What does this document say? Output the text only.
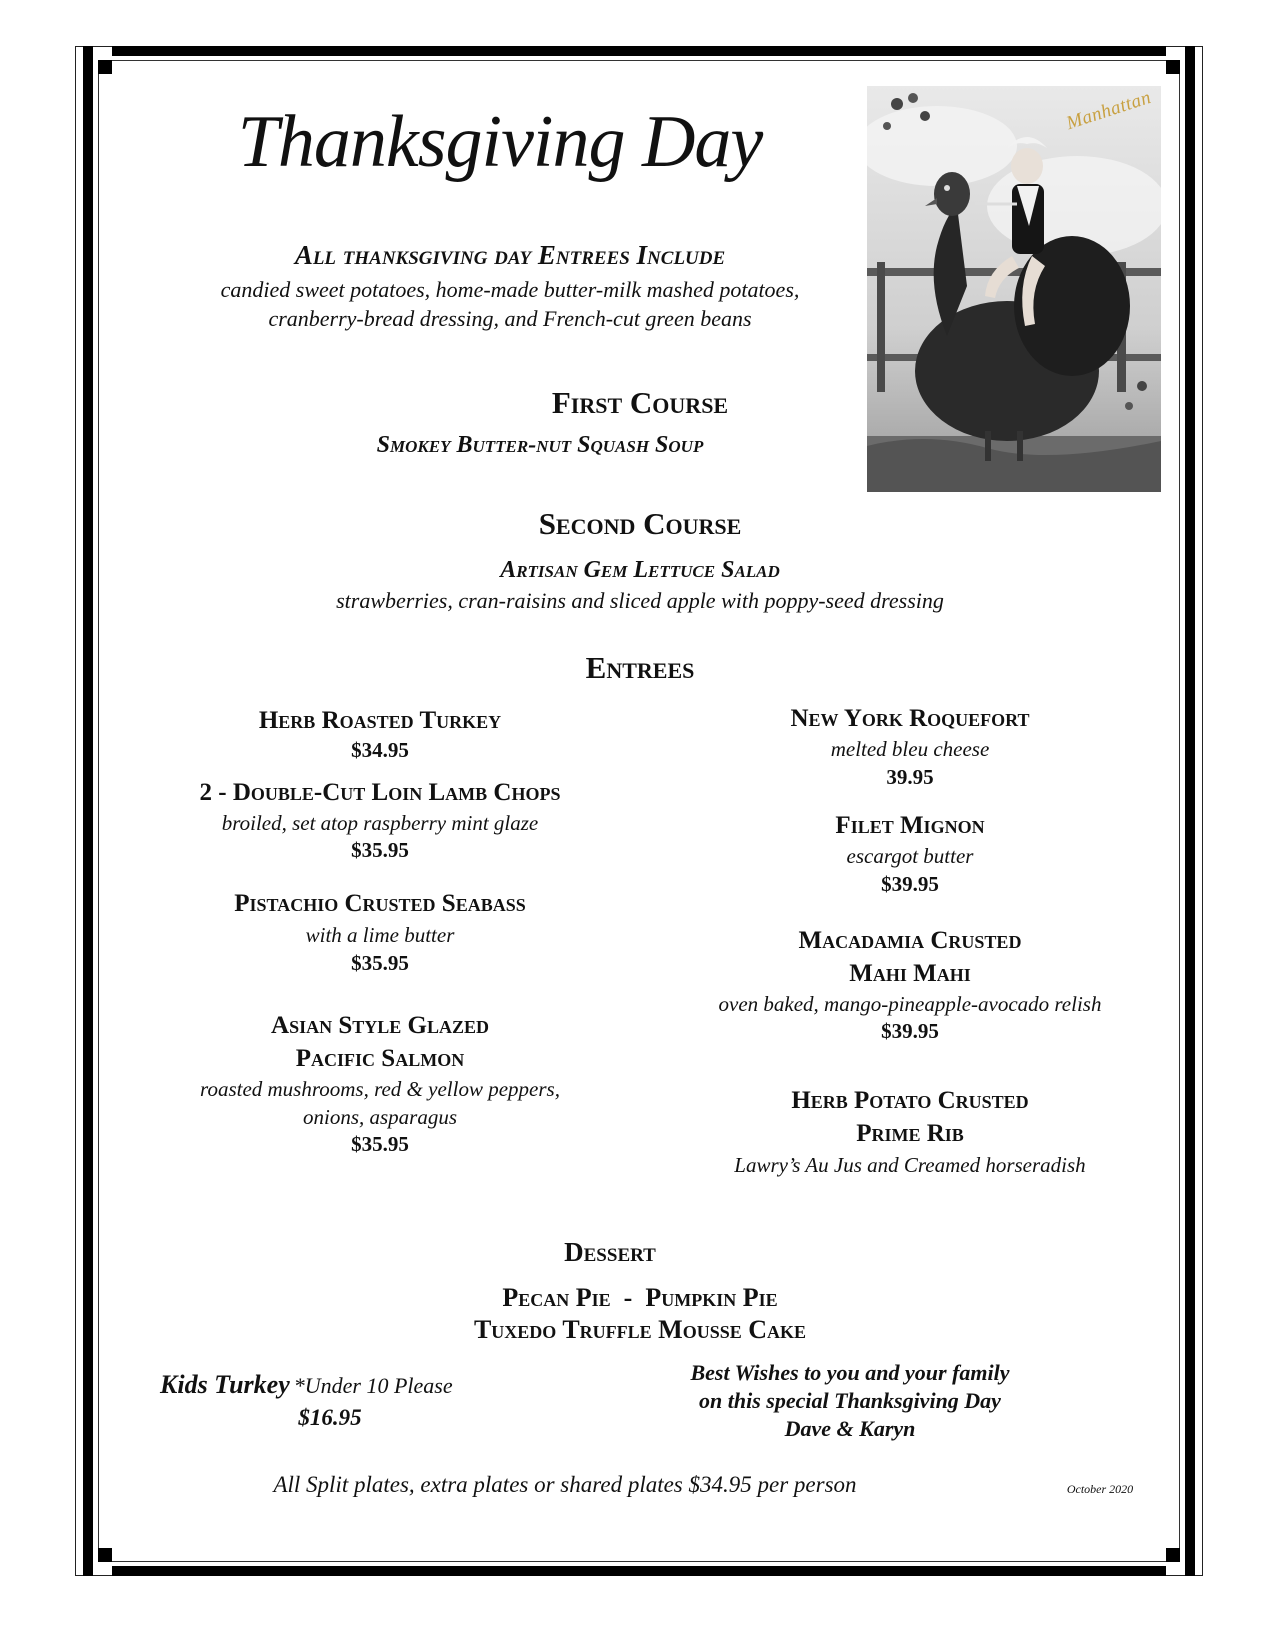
Thanksgiving Day	Manhattan
All thanksgiving day Entrees Include
candied sweet potatoes, home-made butter-milk mashed potatoes,
cranberry-bread dressing, and French-cut green beans
First Course
Smokey Butter-nut Squash Soup
Second Course
Artisan Gem Lettuce Salad
strawberries, cran-raisins and sliced apple with poppy-seed dressing
Entrees
Herb Roasted Turkey
$34.95
2 - Double-Cut Loin Lamb Chops
broiled, set atop raspberry mint glaze
$35.95
Pistachio Crusted Seabass
with a lime butter
$35.95
Asian Style Glazed
Pacific Salmon
roasted mushrooms, red & yellow peppers,
onions, asparagus
$35.95
New York Roquefort
melted bleu cheese
39.95
Filet Mignon
escargot butter
$39.95
Macadamia Crusted
Mahi Mahi
oven baked, mango-pineapple-avocado relish
$39.95
Herb Potato Crusted
Prime Rib
Lawry’s Au Jus and Creamed horseradish
Dessert
Pecan Pie  -  Pumpkin Pie
Tuxedo Truffle Mousse Cake
Kids Turkey *Under 10 Please
$16.95
Best Wishes to you and your family
on this special Thanksgiving Day
Dave & Karyn
All Split plates, extra plates or shared plates $34.95 per person	October 2020
